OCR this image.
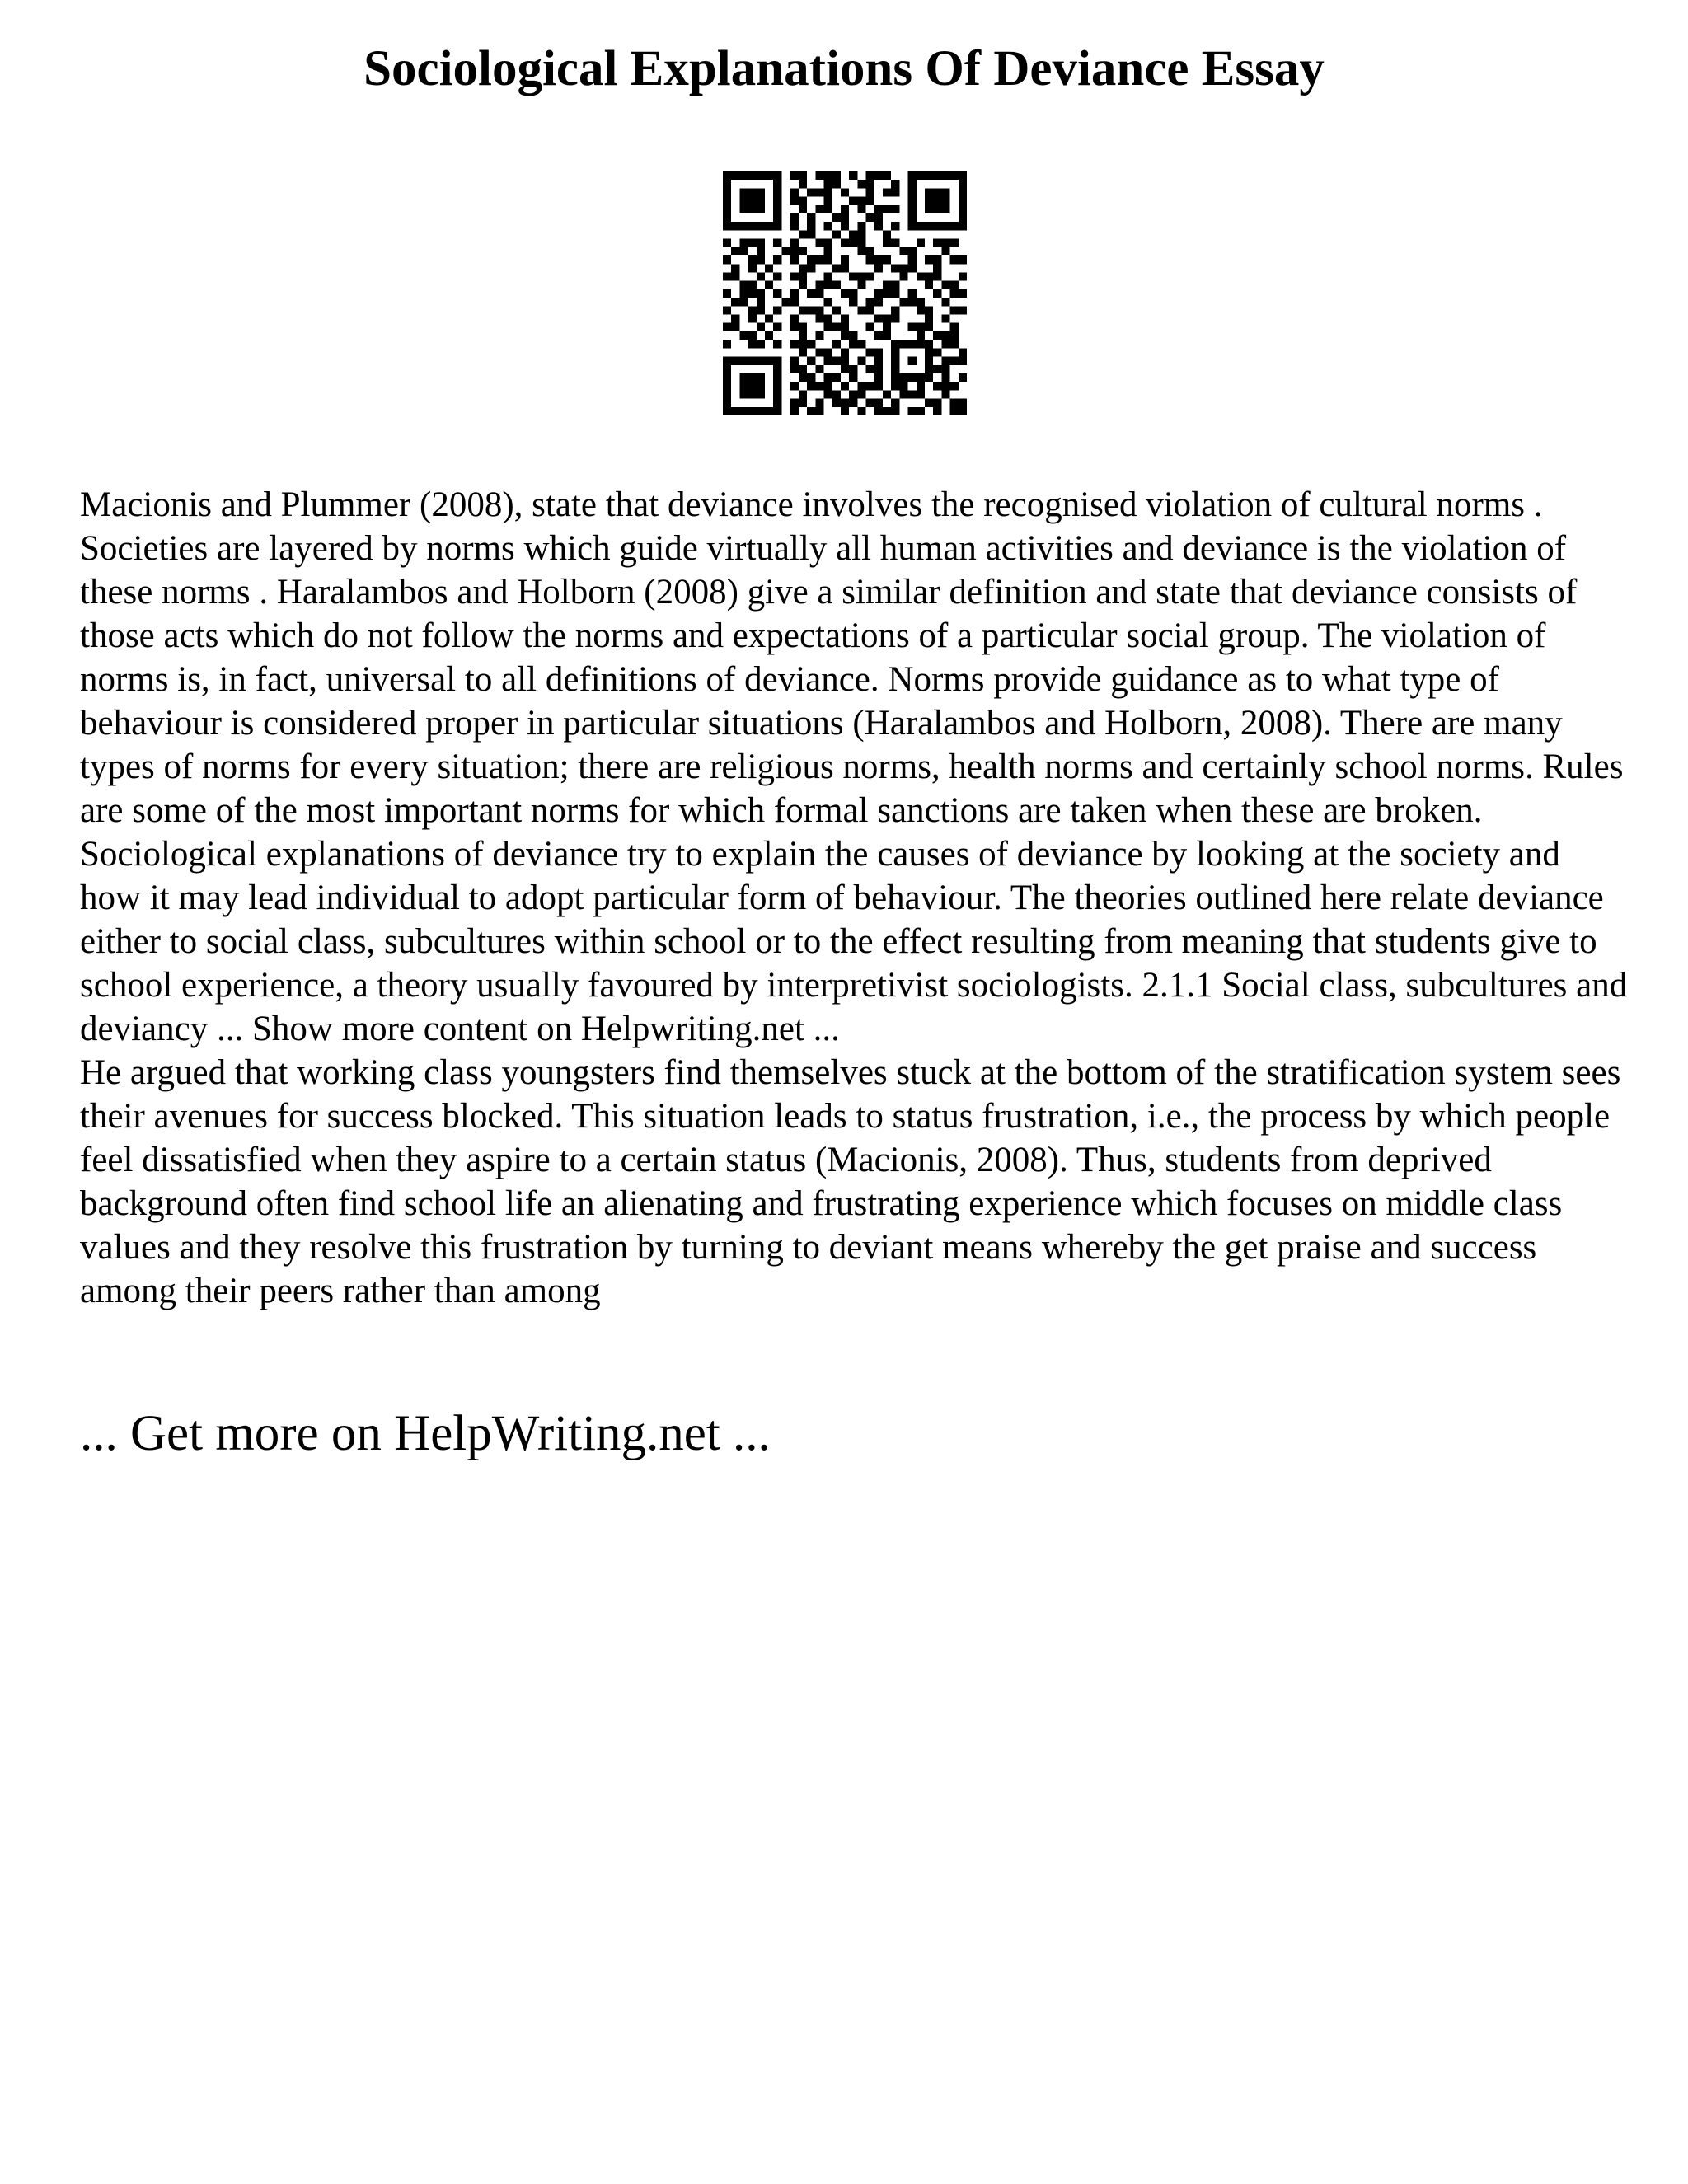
Sociological Explanations Of Deviance Essay

Macionis and Plummer (2008), state that deviance involves the recognised violation of cultural norms . Societies are layered by norms which guide virtually all human activities and deviance is the violation of these norms . Haralambos and Holborn (2008) give a similar definition and state that deviance consists of those acts which do not follow the norms and expectations of a particular social group. The violation of norms is, in fact, universal to all definitions of deviance. Norms provide guidance as to what type of behaviour is considered proper in particular situations (Haralambos and Holborn, 2008). There are many types of norms for every situation; there are religious norms, health norms and certainly school norms. Rules are some of the most important norms for which formal sanctions are taken when these are broken. Sociological explanations of deviance try to explain the causes of deviance by looking at the society and how it may lead individual to adopt particular form of behaviour. The theories outlined here relate deviance either to social class, subcultures within school or to the effect resulting from meaning that students give to school experience, a theory usually favoured by interpretivist sociologists. 2.1.1 Social class, subcultures and deviancy ... Show more content on Helpwriting.net ...

He argued that working class youngsters find themselves stuck at the bottom of the stratification system sees their avenues for success blocked. This situation leads to status frustration, i.e., the process by which people feel dissatisfied when they aspire to a certain status (Macionis, 2008). Thus, students from deprived background often find school life an alienating and frustrating experience which focuses on middle class values and they resolve this frustration by turning to deviant means whereby the get praise and success among their peers rather than among

... Get more on HelpWriting.net ...
